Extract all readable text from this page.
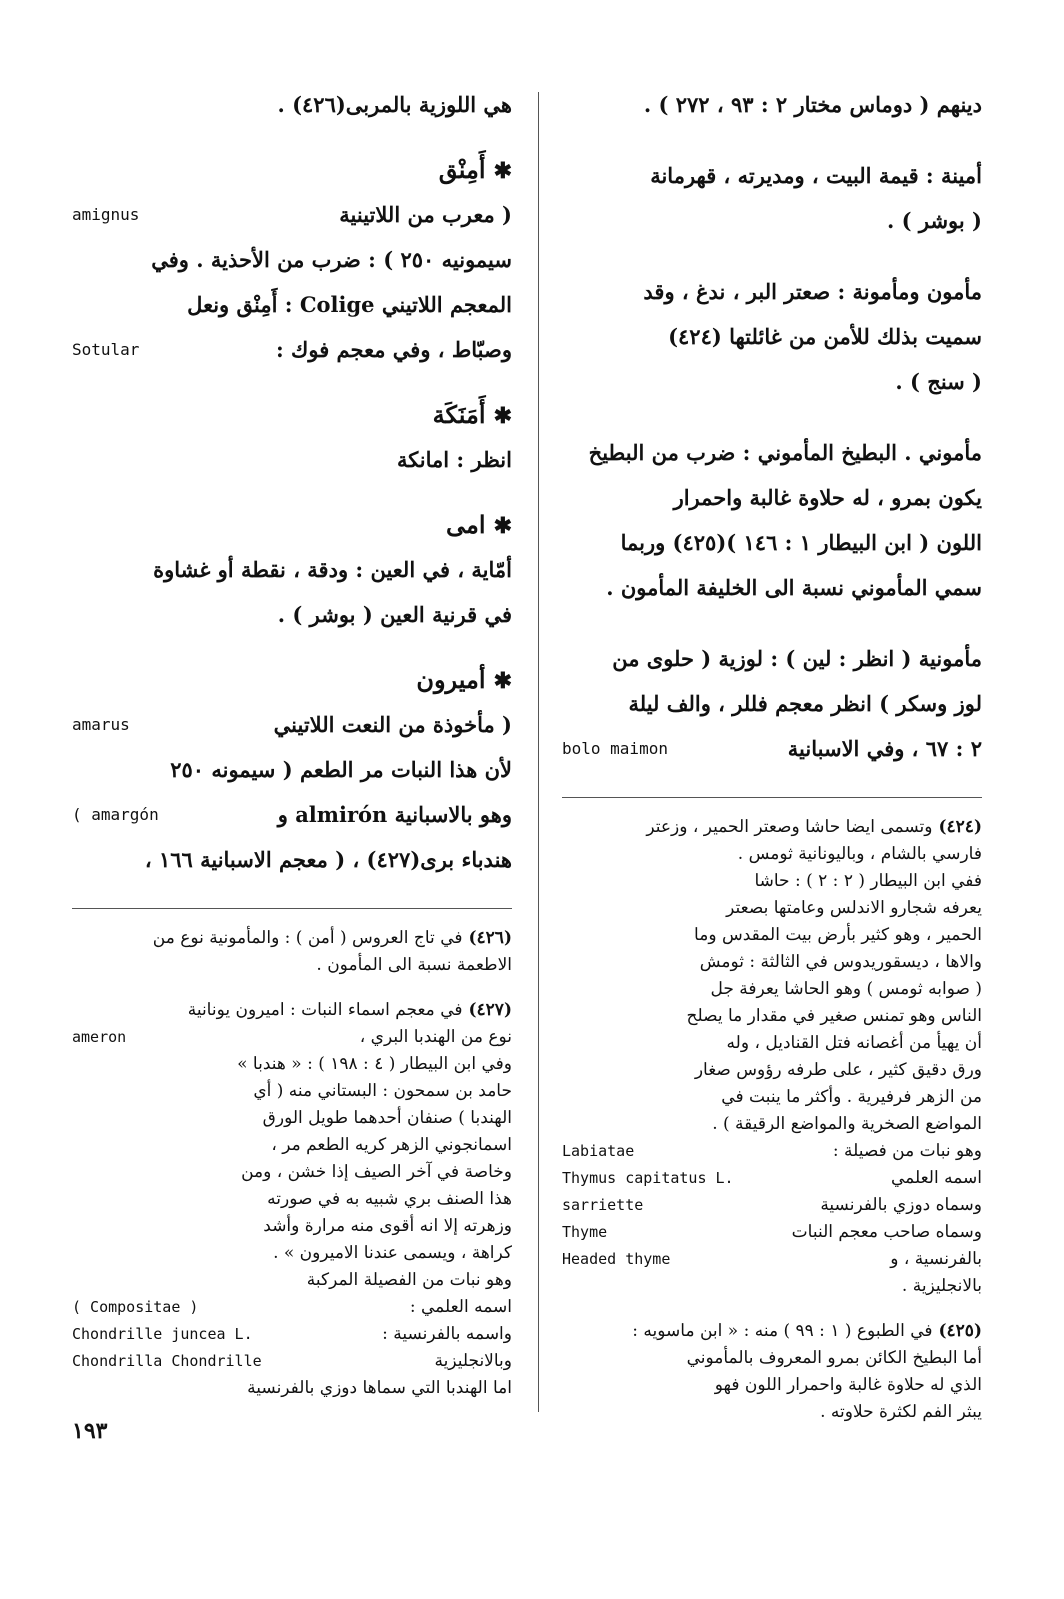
دينهم ( دوماس مختار ٢ : ٩٣ ، ٢٧٢ ) .
أمينة : قيمة البيت ، ومديرته ، قهرمانة
( بوشر ) .
مأمون ومأمونة : صعتر البر ، ندغ ، وقد
سميت بذلك للأمن من غائلتها (٤٢٤)
( سنج ) .
مأموني . البطيخ المأموني : ضرب من البطيخ
يكون بمرو ، له حلاوة غالبة واحمرار
اللون ( ابن البيطار ١ : ١٤٦ )(٤٢٥) وربما
سمي المأموني نسبة الى الخليفة المأمون .
مأمونية ( انظر : لين ) : لوزية ( حلوى من
لوز وسكر ) انظر معجم فللر ، والف ليلة
٢ : ٦٧ ، وفي الاسبانية
bolo maimon
(٤٢٤)وتسمى ايضا حاشا وصعتر الحمير ، وزعتر
فارسي بالشام ، وباليونانية ثومس .
ففي ابن البيطار ( ٢ : ٢ ) : حاشا
يعرفه شجارو الاندلس وعامتها بصعتر
الحمير ، وهو كثير بأرض بيت المقدس وما
والاها ، ديسقوريدوس في الثالثة : ثومش
( صوابه ثومس ) وهو الحاشا يعرفة جل
الناس وهو تمنس صغير في مقدار ما يصلح
أن يهيأ من أغصانه فتل القناديل ، وله
ورق دقيق كثير ، على طرفه رؤوس صغار
من الزهر فرفيرية . وأكثر ما ينبت في
المواضع الصخرية والمواضع الرقيقة ) .
وهو نبات من فصيلة :
Labiatae
اسمه العلمي
Thymus capitatus L.
وسماه دوزي بالفرنسية
sarriette
وسماه صاحب معجم النبات
Thyme
بالفرنسية ، و
Headed thyme
بالانجليزية .
(٤٢٥)في الطبوع ( ١ : ٩٩ ) منه : « ابن ماسويه :
أما البطيخ الكائن بمرو المعروف بالمأموني
الذي له حلاوة غالبة واحمرار اللون فهو
يبثر الفم لكثرة حلاوته .
هي اللوزية بالمربى(٤٢٦) .
✱أَمِنْق
( معرب من اللاتينية
amignus
سيمونيه ٢٥٠ ) : ضرب من الأحذية . وفي
المعجم اللاتيني Colige : أَمِنْق ونعل
وصبّاط ، وفي معجم فوك :
Sotular
✱أَمَنَكَة
انظر : امانكة
✱امى
أمّاية ، في العين : ودقة ، نقطة أو غشاوة
في قرنية العين ( بوشر ) .
✱أميرون
( مأخوذة من النعت اللاتيني
amarus
لأن هذا النبات مر الطعم ( سيمونه ٢٥٠
وهو بالاسبانية almirón و
( amargón
هندباء برى(٤٢٧) ، ( معجم الاسبانية ١٦٦ ،
(٤٢٦)في تاج العروس ( أمن ) : والمأمونية نوع من
الاطعمة نسبة الى المأمون .
(٤٢٧)في معجم اسماء النبات : اميرون يونانية
نوع من الهندبا البري ،
ameron
وفي ابن البيطار ( ٤ : ١٩٨ ) : « هندبا »
حامد بن سمحون : البستاني منه ( أي
الهندبا ) صنفان أحدهما طويل الورق
اسمانجوني الزهر كريه الطعم مر ،
وخاصة في آخر الصيف إذا خشن ، ومن
هذا الصنف بري شبيه به في صورته
وزهرته إلا انه أقوى منه مرارة وأشد
كراهة ، ويسمى عندنا الاميرون » .
وهو نبات من الفصيلة المركبة
اسمه العلمي :
( Compositae )
واسمه بالفرنسية :
Chondrille juncea L.
وبالانجليزية
Chondrilla Chondrille
اما الهندبا التي سماها دوزي بالفرنسية
١٩٣
